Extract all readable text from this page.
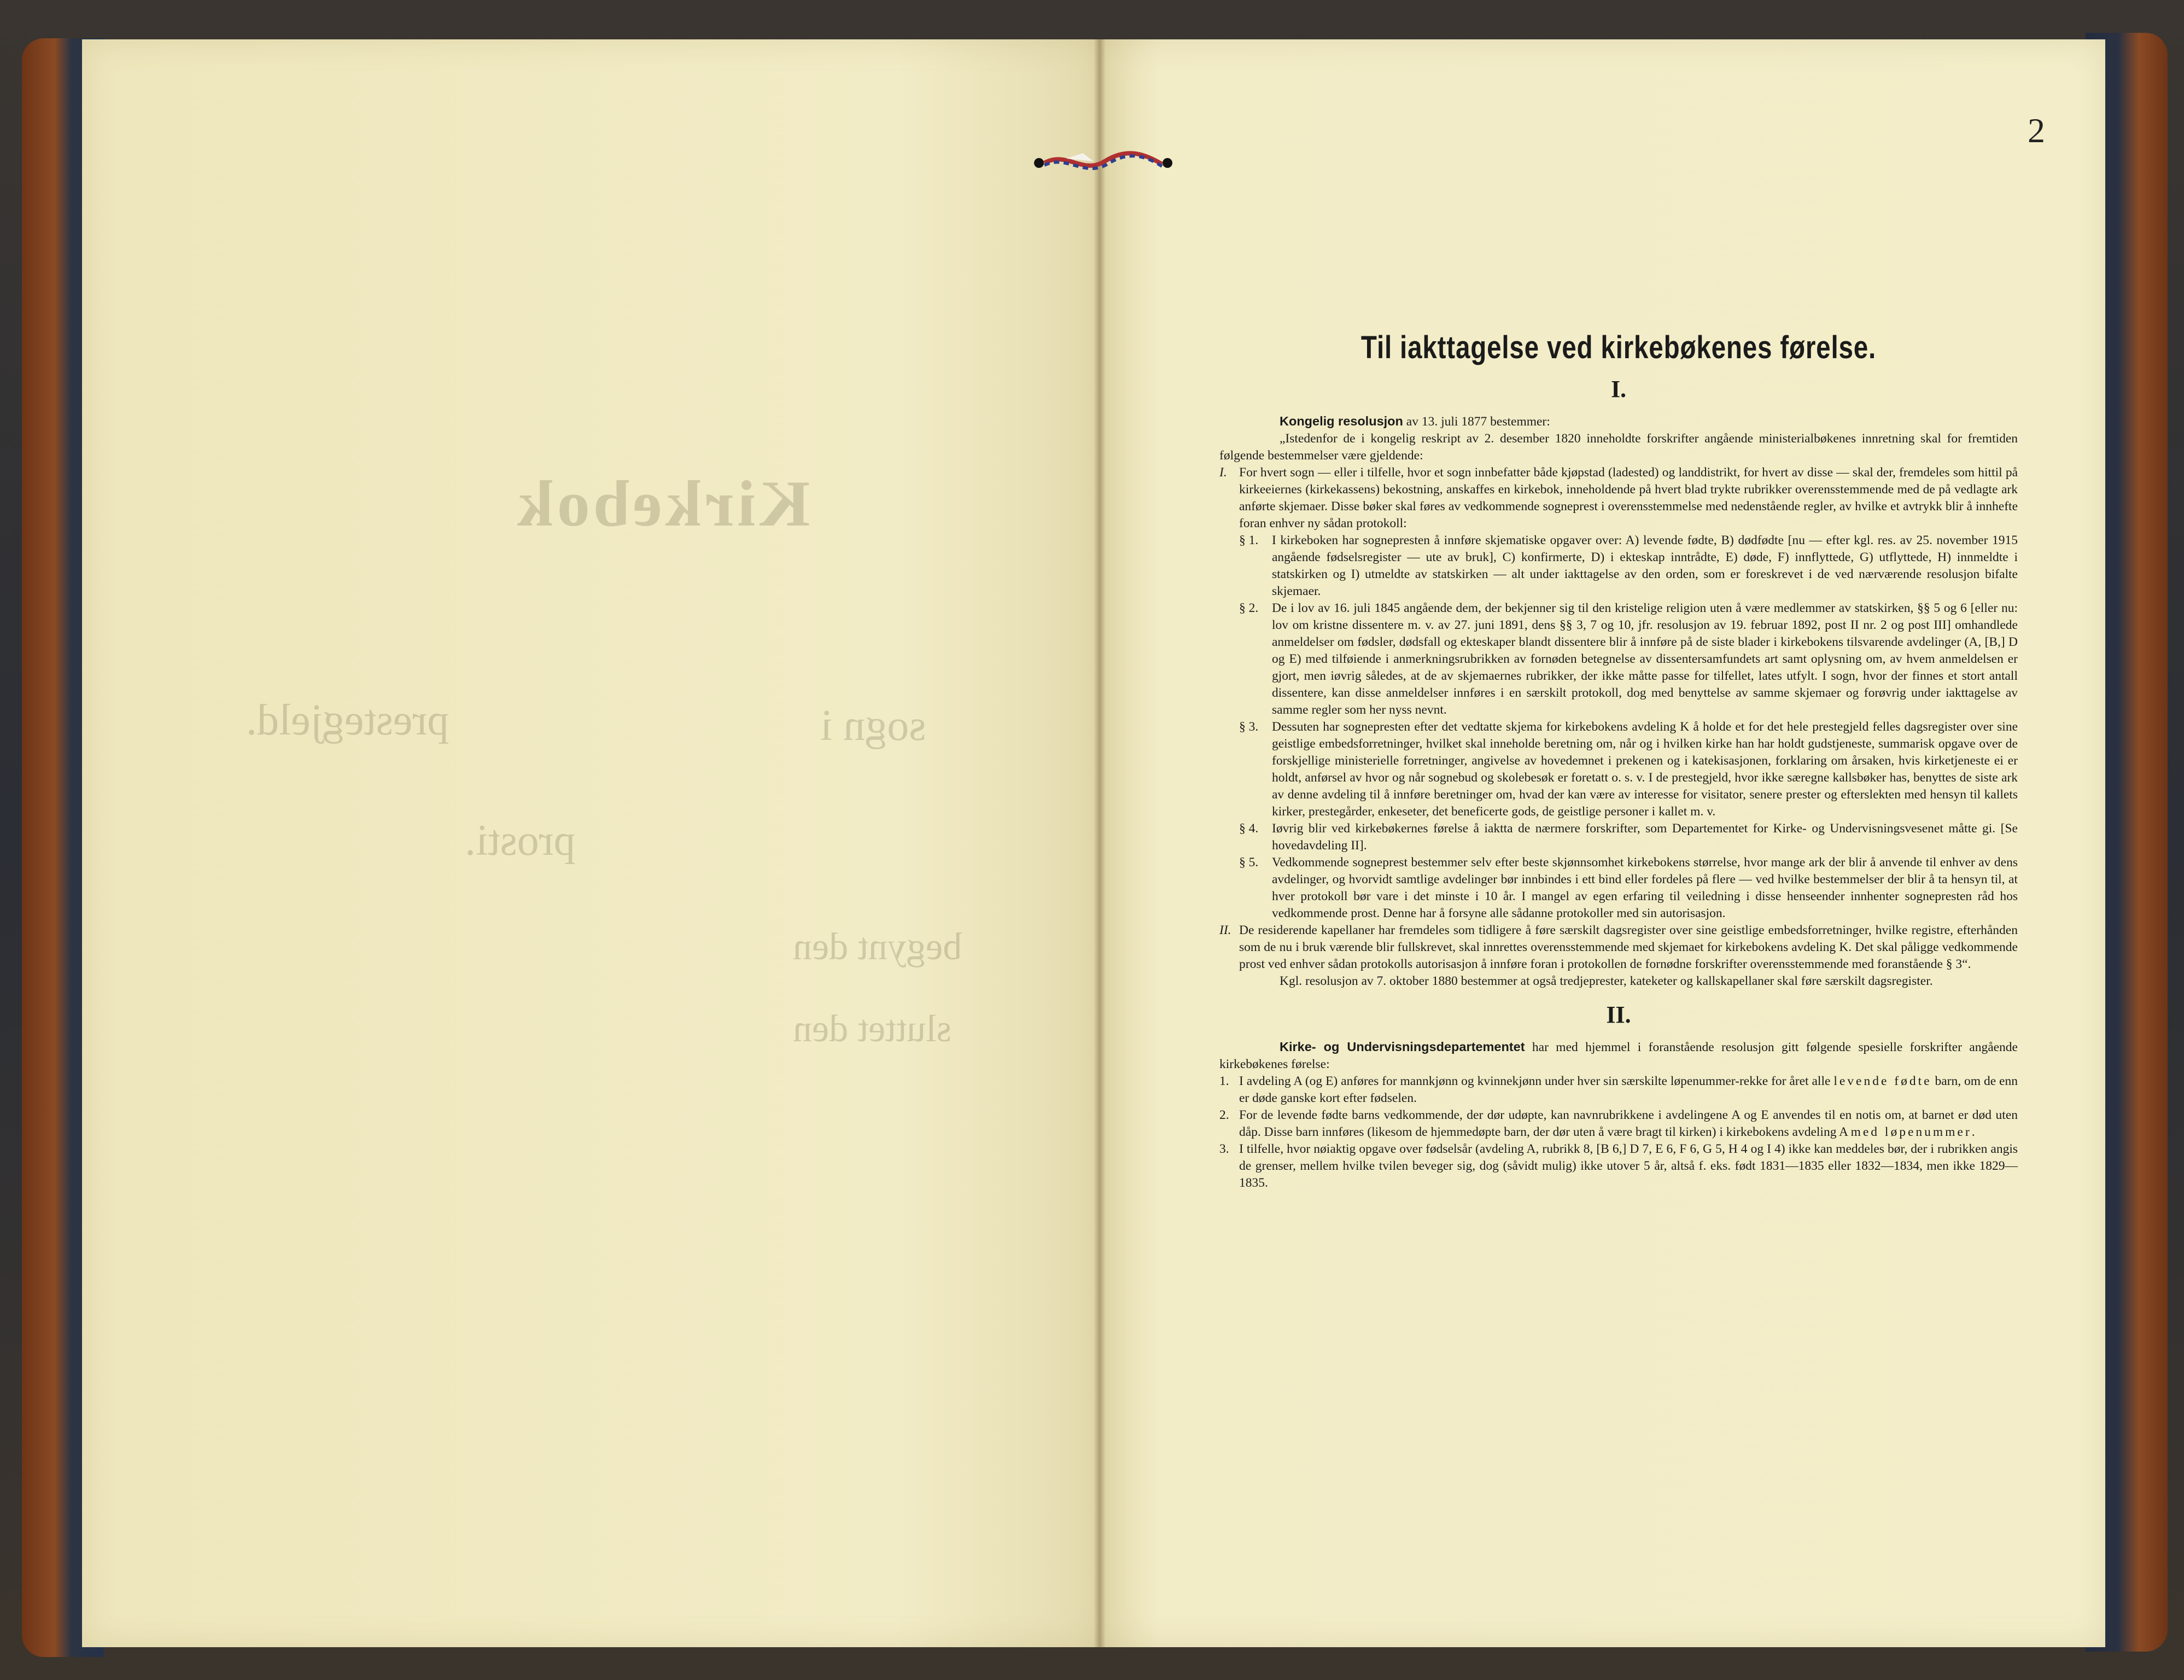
Kirkebok
sogn i
prestegjeld.
prosti.
begynt den
sluttet den
2
Til iakttagelse ved kirkebøkenes førelse.
I.

Kongelig resolusjon av 13. juli 1877 bestemmer:

„Istedenfor de i kongelig reskript av 2. desember 1820 inneholdte forskrifter angående ministerialbøkenes innretning skal for fremtiden følgende bestemmelser være gjeldende:

I. For hvert sogn — eller i tilfelle, hvor et sogn innbefatter både kjøpstad (ladested) og landdistrikt, for hvert av disse — skal der, fremdeles som hittil på kirkeeiernes (kirkekassens) bekostning, anskaffes en kirkebok, inneholdende på hvert blad trykte rubrikker overensstemmende med de på vedlagte ark anførte skjemaer. Disse bøker skal føres av vedkommende sogneprest i overensstemmelse med nedenstående regler, av hvilke et avtrykk blir å innhefte foran enhver ny sådan protokoll:
§ 1.	I kirkeboken har sognepresten å innføre skjematiske opgaver over: A) levende fødte, B) dødfødte [nu — efter kgl. res. av 25. november 1915 angående fødselsregister — ute av bruk], C) konfirmerte, D) i ekteskap inntrådte, E) døde, F) innflyttede, G) utflyttede, H) innmeldte i statskirken og I) utmeldte av statskirken — alt under iakttagelse av den orden, som er foreskrevet i de ved nærværende resolusjon bifalte skjemaer.
§ 2.	De i lov av 16. juli 1845 angående dem, der bekjenner sig til den kristelige religion uten å være medlemmer av statskirken, §§ 5 og 6 [eller nu: lov om kristne dissentere m. v. av 27. juni 1891, dens §§ 3, 7 og 10, jfr. resolusjon av 19. februar 1892, post II nr. 2 og post III] omhandlede anmeldelser om fødsler, dødsfall og ekteskaper blandt dissentere blir å innføre på de siste blader i kirkebokens tilsvarende avdelinger (A, [B,] D og E) med tilføiende i anmerkningsrubrikken av fornøden betegnelse av dissentersamfundets art samt oplysning om, av hvem anmeldelsen er gjort, men iøvrig således, at de av skjemaernes rubrikker, der ikke måtte passe for tilfellet, lates utfylt. I sogn, hvor der finnes et stort antall dissentere, kan disse anmeldelser innføres i en særskilt protokoll, dog med benyttelse av samme skjemaer og forøvrig under iakttagelse av samme regler som her nyss nevnt.
§ 3.	Dessuten har sognepresten efter det vedtatte skjema for kirkebokens avdeling K å holde et for det hele prestegjeld felles dagsregister over sine geistlige embedsforretninger, hvilket skal inneholde beretning om, når og i hvilken kirke han har holdt gudstjeneste, summarisk opgave over de forskjellige ministerielle forretninger, angivelse av hovedemnet i prekenen og i katekisasjonen, forklaring om årsaken, hvis kirketjeneste ei er holdt, anførsel av hvor og når sognebud og skolebesøk er foretatt o. s. v. I de prestegjeld, hvor ikke særegne kallsbøker has, benyttes de siste ark av denne avdeling til å innføre beretninger om, hvad der kan være av interesse for visitator, senere prester og efterslekten med hensyn til kallets kirker, prestegårder, enkeseter, det beneficerte gods, de geistlige personer i kallet m. v.
§ 4.	Iøvrig blir ved kirkebøkernes førelse å iaktta de nærmere forskrifter, som Departementet for Kirke- og Undervisningsvesenet måtte gi. [Se hovedavdeling II].
§ 5.	Vedkommende sogneprest bestemmer selv efter beste skjønnsomhet kirkebokens størrelse, hvor mange ark der blir å anvende til enhver av dens avdelinger, og hvorvidt samtlige avdelinger bør innbindes i ett bind eller fordeles på flere — ved hvilke bestemmelser der blir å ta hensyn til, at hver protokoll bør vare i det minste i 10 år. I mangel av egen erfaring til veiledning i disse henseender innhenter sognepresten råd hos vedkommende prost. Denne har å forsyne alle sådanne protokoller med sin autorisasjon.
II. De residerende kapellaner har fremdeles som tidligere å føre særskilt dagsregister over sine geistlige embedsforretninger, hvilke registre, efterhånden som de nu i bruk værende blir fullskrevet, skal innrettes overensstemmende med skjemaet for kirkebokens avdeling K. Det skal påligge vedkommende prost ved enhver sådan protokolls autorisasjon å innføre foran i protokollen de fornødne forskrifter overensstemmende med foranstående § 3“.

Kgl. resolusjon av 7. oktober 1880 bestemmer at også tredjeprester, kateketer og kallskapellaner skal føre særskilt dagsregister.

II.

Kirke- og Undervisningsdepartementet har med hjemmel i foranstående resolusjon gitt følgende spesielle forskrifter angående kirkebøkenes førelse:

1. I avdeling A (og E) anføres for mannkjønn og kvinnekjønn under hver sin særskilte løpenummer-rekke for året alle levende fødte barn, om de enn er døde ganske kort efter fødselen.
2. For de levende fødte barns vedkommende, der dør udøpte, kan navnrubrikkene i avdelingene A og E anvendes til en notis om, at barnet er død uten dåp. Disse barn innføres (likesom de hjemmedøpte barn, der dør uten å være bragt til kirken) i kirkebokens avdeling A med løpenummer.
3. I tilfelle, hvor nøiaktig opgave over fødselsår (avdeling A, rubrikk 8, [B 6,] D 7, E 6, F 6, G 5, H 4 og I 4) ikke kan meddeles bør, der i rubrikken angis de grenser, mellem hvilke tvilen beveger sig, dog (såvidt mulig) ikke utover 5 år, altså f. eks. født 1831—1835 eller 1832—1834, men ikke 1829—1835.
